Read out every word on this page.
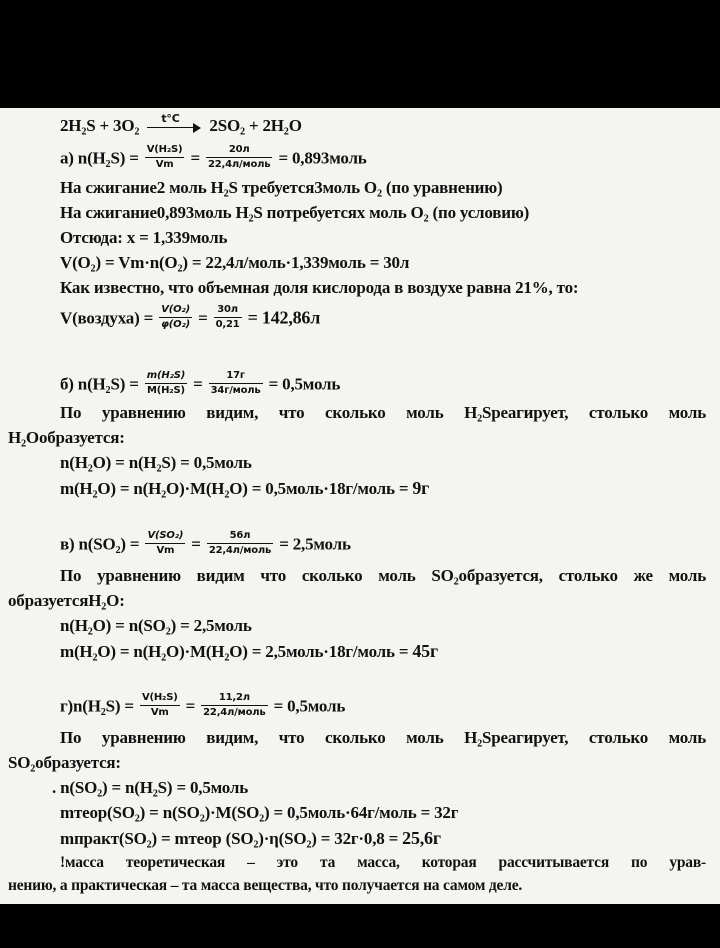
2H₂S + 3O₂ t°C 2SO₂ + 2H₂O
а) $n(H_2S) = \frac{\text{V(H₂S)}}{Vm} = \frac{20л}{\text{22,4л/моль}}$ = 0,893моль
На сжигание2 моль H₂S требуется3моль O₂ (по уравнению)
На сжигание0,893моль H₂S потребуетсях моль O₂ (по условию)
Отсюда: x = 1,339моль
V(O₂) = Vm·n(O₂) = 22,4л/моль·1,339моль = 30л
Как известно, что объемная доля кислорода в воздухе равна 21%, то:
V(воздуха) = $\frac{\text{V(O₂)}}{\text{φ(O₂)}} = \frac{30л}{0,21} = 142,86л$
б) $n(H_2S) = \frac{\text{m(H₂S)}}{\text{M(H₂S)}} = \frac{17г}{\text{34г/моль}}$ = 0,5моль
По уравнению видим, что сколько моль H₂Sреагирует, столько моль
H₂Oобразуется:
n(H₂O) = n(H₂S) = 0,5моль
m(H₂O) = n(H₂O)·M(H₂O) = 0,5моль·18г/моль = 9г
в) $n(SO_2) = \frac{\text{V(SO₂)}}{Vm} = \frac{56л}{\text{22,4л/моль}}$ = 2,5моль
По уравнению видим что сколько моль SO₂образуется, столько же моль
образуетсяH₂O:
n(H₂O) = n(SO₂) = 2,5моль
m(H₂O) = n(H₂O)·M(H₂O) = 2,5моль·18г/моль = 45г
$г)n(H_2S) = \frac{\text{V(H₂S)}}{Vm} = \frac{11,2л}{\text{22,4л/моль}}$ = 0,5моль
По уравнению видим, что сколько моль H₂Sреагирует, столько моль
SO₂образуется:
. n(SO₂) = n(H₂S) = 0,5моль
mтеор(SO₂) = n(SO₂)·M(SO₂) = 0,5моль·64г/моль = 32г
mпракт(SO₂) = mтеор (SO₂)·η(SO₂) = 32г·0,8 = 25,6г
!масса теоретическая – это та масса, которая рассчитывается по урав-
нению, а практическая – та масса вещества, что получается на самом деле.
